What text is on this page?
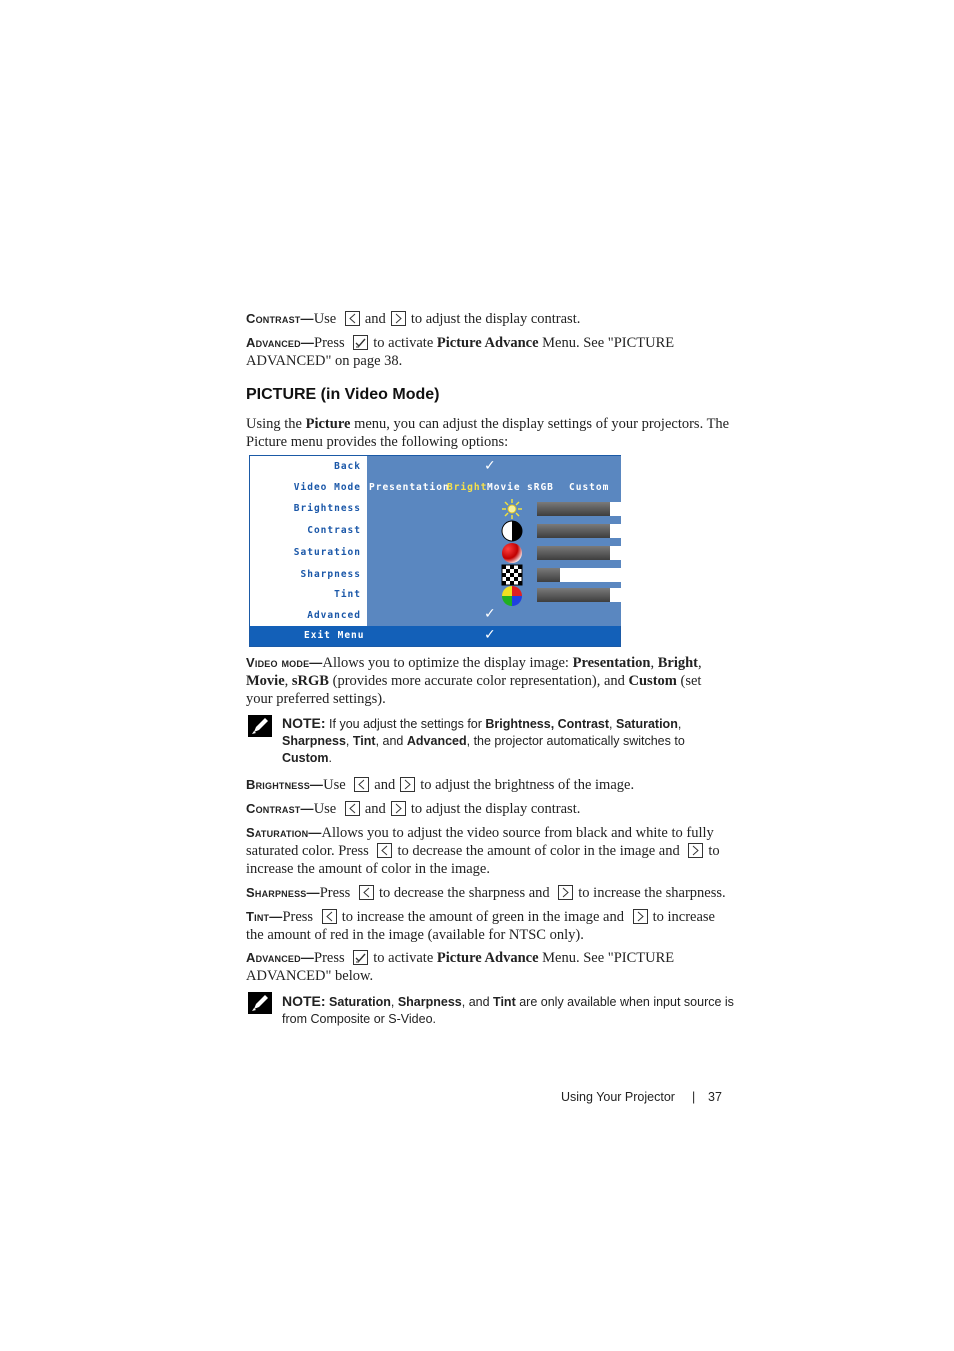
Contrast—Use and to adjust the display contrast.
Advanced—Press to activate Picture Advance Menu. See "PICTURE
ADVANCED" on page 38.
PICTURE (in Video Mode)
Using the Picture menu, you can adjust the display settings of your projectors. The
Picture menu provides the following options:
Back
Video Mode
Brightness
Contrast
Saturation
Sharpness
Tint
Advanced
✓
Presentation
Bright Movie sRGB Custom
50
50
50
16
50
✓
Exit Menu	✓
Video mode—Allows you to optimize the display image: Presentation, Bright,
Movie, sRGB (provides more accurate color representation), and Custom (set
your preferred settings).
NOTE: If you adjust the settings for Brightness, Contrast, Saturation,
Sharpness, Tint, and Advanced, the projector automatically switches to
Custom.
Brightness—Use and to adjust the brightness of the image.
Contrast—Use and to adjust the display contrast.
Saturation—Allows you to adjust the video source from black and white to fully
saturated color. Press to decrease the amount of color in the image and to
increase the amount of color in the image.
Sharpness—Press to decrease the sharpness and to increase the sharpness.
Tint—Press to increase the amount of green in the image and to increase
the amount of red in the image (available for NTSC only).
Advanced—Press to activate Picture Advance Menu. See "PICTURE
ADVANCED" below.
NOTE: Saturation, Sharpness, and Tint are only available when input source is
from Composite or S-Video.
Using Your Projector | 37
